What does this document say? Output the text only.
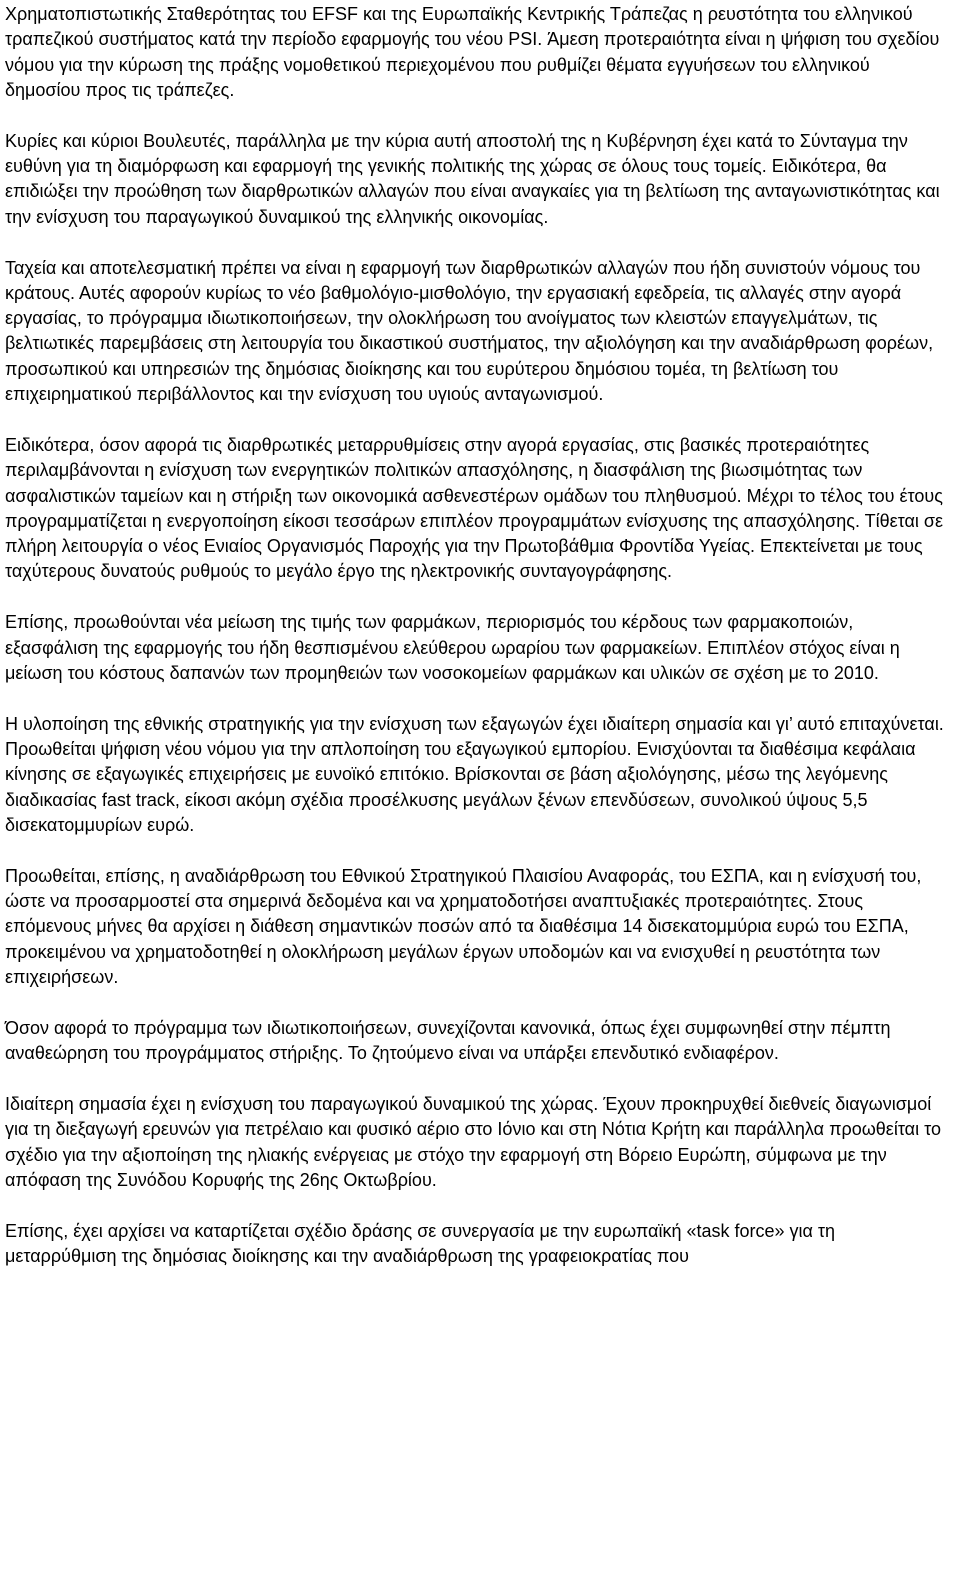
Χρηματοπιστωτικής Σταθερότητας του EFSF και της Ευρωπαϊκής Κεντρικής Τράπεζας η ρευστότητα του ελληνικού τραπεζικού συστήματος κατά την περίοδο εφαρμογής του νέου PSI. Άμεση προτεραιότητα είναι η ψήφιση του σχεδίου νόμου για την κύρωση της πράξης νομοθετικού περιεχομένου που ρυθμίζει θέματα εγγυήσεων του ελληνικού δημοσίου προς τις τράπεζες.

Κυρίες και κύριοι Βουλευτές, παράλληλα με την κύρια αυτή αποστολή της η Κυβέρνηση έχει κατά το Σύνταγμα την ευθύνη για τη διαμόρφωση και εφαρμογή της γενικής πολιτικής της χώρας σε όλους τους τομείς. Ειδικότερα, θα επιδιώξει την προώθηση των διαρθρωτικών αλλαγών που είναι αναγκαίες για τη βελτίωση της ανταγωνιστικότητας και την ενίσχυση του παραγωγικού δυναμικού της ελληνικής οικονομίας.

Ταχεία και αποτελεσματική πρέπει να είναι η εφαρμογή των διαρθρωτικών αλλαγών που ήδη συνιστούν νόμους του κράτους. Αυτές αφορούν κυρίως το νέο βαθμολόγιο-μισθολόγιο, την εργασιακή εφεδρεία, τις αλλαγές στην αγορά εργασίας, το πρόγραμμα ιδιωτικοποιήσεων, την ολοκλήρωση του ανοίγματος των κλειστών επαγγελμάτων, τις βελτιωτικές παρεμβάσεις στη λειτουργία του δικαστικού συστήματος, την αξιολόγηση και την αναδιάρθρωση φορέων, προσωπικού και υπηρεσιών της δημόσιας διοίκησης και του ευρύτερου δημόσιου τομέα, τη βελτίωση του επιχειρηματικού περιβάλλοντος και την ενίσχυση του υγιούς ανταγωνισμού.

Ειδικότερα, όσον αφορά τις διαρθρωτικές μεταρρυθμίσεις στην αγορά εργασίας, στις βασικές προτεραιότητες περιλαμβάνονται η ενίσχυση των ενεργητικών πολιτικών απασχόλησης, η διασφάλιση της βιωσιμότητας των ασφαλιστικών ταμείων και η στήριξη των οικονομικά ασθενεστέρων ομάδων του πληθυσμού. Μέχρι το τέλος του έτους προγραμματίζεται η ενεργοποίηση είκοσι τεσσάρων επιπλέον προγραμμάτων ενίσχυσης της απασχόλησης. Τίθεται σε πλήρη λειτουργία ο νέος Ενιαίος Οργανισμός Παροχής για την Πρωτοβάθμια Φροντίδα Υγείας. Επεκτείνεται με τους ταχύτερους δυνατούς ρυθμούς το μεγάλο έργο της ηλεκτρονικής συνταγογράφησης.

Επίσης, προωθούνται νέα μείωση της τιμής των φαρμάκων, περιορισμός του κέρδους των φαρμακοποιών, εξασφάλιση της εφαρμογής του ήδη θεσπισμένου ελεύθερου ωραρίου των φαρμακείων. Επιπλέον στόχος είναι η μείωση του κόστους δαπανών των προμηθειών των νοσοκομείων φαρμάκων και υλικών σε σχέση με το 2010.

Η υλοποίηση της εθνικής στρατηγικής για την ενίσχυση των εξαγωγών έχει ιδιαίτερη σημασία και γι’ αυτό επιταχύνεται. Προωθείται ψήφιση νέου νόμου για την απλοποίηση του εξαγωγικού εμπορίου. Ενισχύονται τα διαθέσιμα κεφάλαια κίνησης σε εξαγωγικές επιχειρήσεις με ευνοϊκό επιτόκιο. Βρίσκονται σε βάση αξιολόγησης, μέσω της λεγόμενης διαδικασίας fast track, είκοσι ακόμη σχέδια προσέλκυσης μεγάλων ξένων επενδύσεων, συνολικού ύψους 5,5 δισεκατομμυρίων ευρώ.

Προωθείται, επίσης, η αναδιάρθρωση του Εθνικού Στρατηγικού Πλαισίου Αναφοράς, του ΕΣΠΑ, και η ενίσχυσή του, ώστε να προσαρμοστεί στα σημερινά δεδομένα και να χρηματοδοτήσει αναπτυξιακές προτεραιότητες. Στους επόμενους μήνες θα αρχίσει η διάθεση σημαντικών ποσών από τα διαθέσιμα 14 δισεκατομμύρια ευρώ του ΕΣΠΑ, προκειμένου να χρηματοδοτηθεί η ολοκλήρωση μεγάλων έργων υποδομών και να ενισχυθεί η ρευστότητα των επιχειρήσεων.

Όσον αφορά το πρόγραμμα των ιδιωτικοποιήσεων, συνεχίζονται κανονικά, όπως έχει συμφωνηθεί στην πέμπτη αναθεώρηση του προγράμματος στήριξης. Το ζητούμενο είναι να υπάρξει επενδυτικό ενδιαφέρον.

Ιδιαίτερη σημασία έχει η ενίσχυση του παραγωγικού δυναμικού της χώρας. Έχουν προκηρυχθεί διεθνείς διαγωνισμοί για τη διεξαγωγή ερευνών για πετρέλαιο και φυσικό αέριο στο Ιόνιο και στη Νότια Κρήτη και παράλληλα προωθείται το σχέδιο για την αξιοποίηση της ηλιακής ενέργειας με στόχο την εφαρμογή στη Βόρειο Ευρώπη, σύμφωνα με την απόφαση της Συνόδου Κορυφής της 26ης Οκτωβρίου.

Επίσης, έχει αρχίσει να καταρτίζεται σχέδιο δράσης σε συνεργασία με την ευρωπαϊκή «task force» για τη μεταρρύθμιση της δημόσιας διοίκησης και την αναδιάρθρωση της γραφειοκρατίας που
